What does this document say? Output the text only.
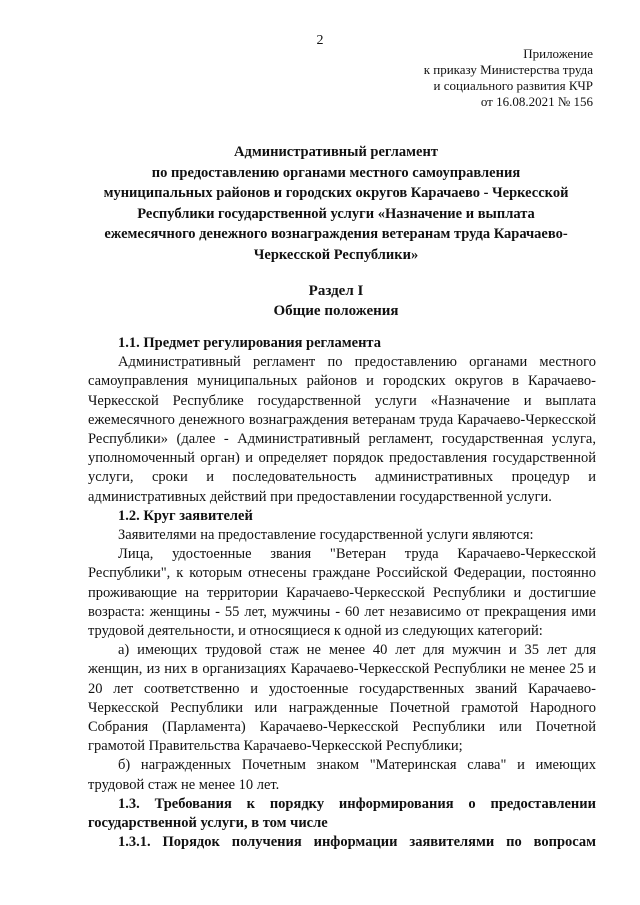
2
Приложение
к приказу Министерства труда
и социального развития КЧР
от 16.08.2021 № 156
Административный регламент
по предоставлению органами местного самоуправления
муниципальных районов и городских округов Карачаево - Черкесской
Республики государственной услуги «Назначение и выплата
ежемесячного денежного вознаграждения ветеранам труда Карачаево-
Черкесской Республики»
Раздел I
Общие положения

1.1. Предмет регулирования регламента

Административный регламент по предоставлению органами местного самоуправления муниципальных районов и городских округов в Карачаево-Черкесской Республике государственной услуги «Назначение и выплата ежемесячного денежного вознаграждения ветеранам труда Карачаево-Черкесской Республики» (далее - Административный регламент, государственная услуга, уполномоченный орган) и определяет порядок предоставления государственной услуги, сроки и последовательность административных процедур и административных действий при предоставлении государственной услуги.

1.2. Круг заявителей

Заявителями на предоставление государственной услуги являются:

Лица, удостоенные звания "Ветеран труда Карачаево-Черкесской Республики", к которым отнесены граждане Российской Федерации, постоянно проживающие на территории Карачаево-Черкесской Республики и достигшие возраста: женщины - 55 лет, мужчины - 60 лет независимо от прекращения ими трудовой деятельности, и относящиеся к одной из следующих категорий:

а) имеющих трудовой стаж не менее 40 лет для мужчин и 35 лет для женщин, из них в организациях Карачаево-Черкесской Республики не менее 25 и 20 лет соответственно и удостоенные государственных званий Карачаево-Черкесской Республики или награжденные Почетной грамотой Народного Собрания (Парламента) Карачаево-Черкесской Республики или Почетной грамотой Правительства Карачаево-Черкесской Республики;

б) награжденных Почетным знаком "Материнская слава" и имеющих трудовой стаж не менее 10 лет.

1.3. Требования к порядку информирования о предоставлении государственной услуги, в том числе

1.3.1. Порядок получения информации заявителями по вопросам
